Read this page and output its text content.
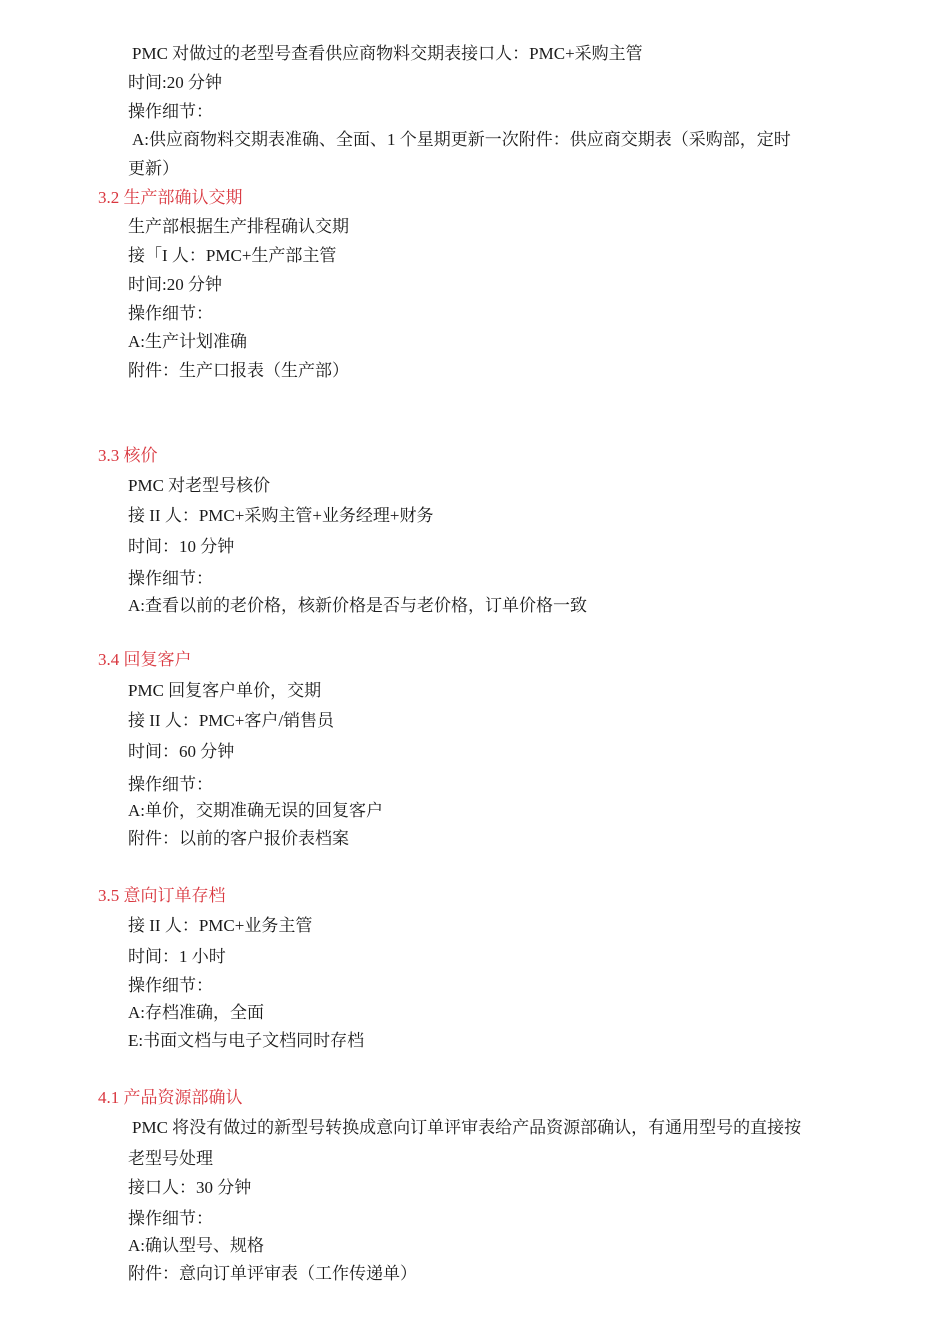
PMC 对做过的老型号查看供应商物料交期表接口人：PMC+采购主管
时间:20 分钟
操作细节：
A:供应商物料交期表准确、全面、1 个星期更新一次附件：供应商交期表（采购部，定时
更新）
3.2 生产部确认交期
生产部根据生产排程确认交期
接「I 人：PMC+生产部主管
时间:20 分钟
操作细节：
A:生产计划准确
附件：生产口报表（生产部）
3.3 核价
PMC 对老型号核价
接 II 人：PMC+采购主管+业务经理+财务
时间：10 分钟
操作细节：
A:查看以前的老价格，核新价格是否与老价格，订单价格一致
3.4 回复客户
PMC 回复客户单价，交期
接 II 人：PMC+客户/销售员
时间：60 分钟
操作细节：
A:单价，交期准确无误的回复客户
附件：以前的客户报价表档案
3.5 意向订单存档
接 II 人：PMC+业务主管
时间：1 小时
操作细节：
A:存档准确，全面
E:书面文档与电子文档同时存档
4.1 产品资源部确认
PMC 将没有做过的新型号转换成意向订单评审表给产品资源部确认，有通用型号的直接按
老型号处理
接口人：30 分钟
操作细节：
A:确认型号、规格
附件：意向订单评审表（工作传递单）
